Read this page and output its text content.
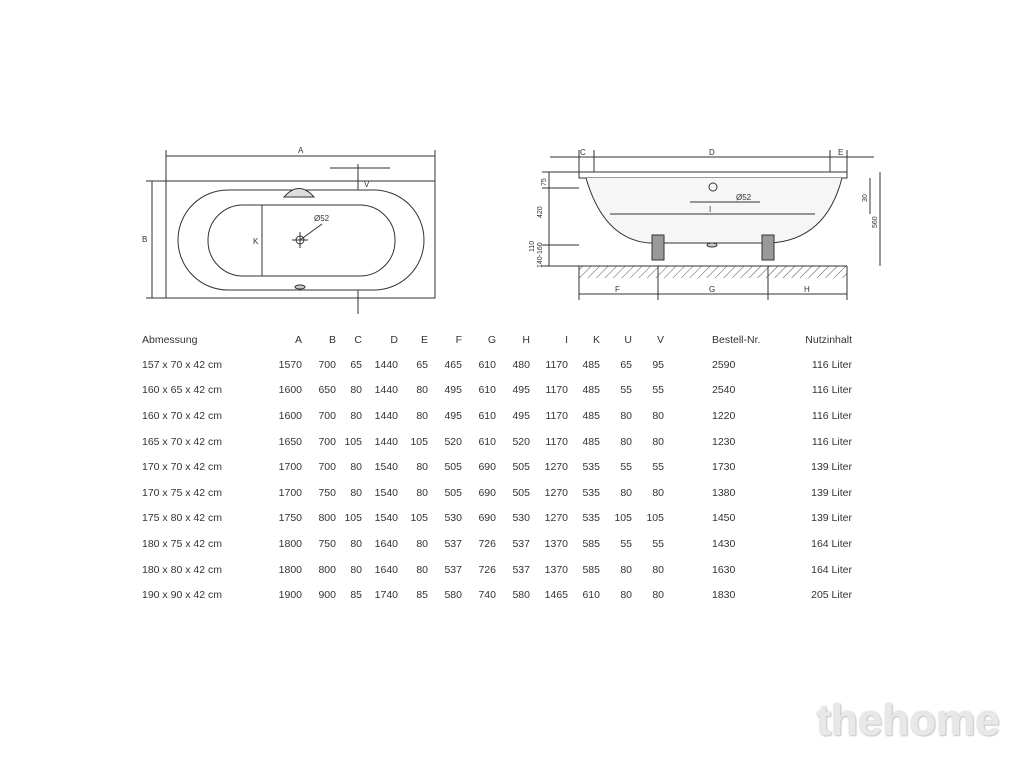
A
B	K
V
Ø52
C	D	E
I
Ø52
F	G	H
75
420
110 140-160
30
560
Abmessung	A	B	C	D	E	F	G	H	I	K	U	V		Bestell-Nr.	Nutzinhalt
157 x 70 x 42 cm	1570	700	65	1440	65	465	610	480	1170	485	65	95		2590	116 Liter
160 x 65 x 42 cm	1600	650	80	1440	80	495	610	495	1170	485	55	55		2540	116 Liter
160 x 70 x 42 cm	1600	700	80	1440	80	495	610	495	1170	485	80	80		1220	116 Liter
165 x 70 x 42 cm	1650	700	105	1440	105	520	610	520	1170	485	80	80		1230	116 Liter
170 x 70 x 42 cm	1700	700	80	1540	80	505	690	505	1270	535	55	55		1730	139 Liter
170 x 75 x 42 cm	1700	750	80	1540	80	505	690	505	1270	535	80	80		1380	139 Liter
175 x 80 x 42 cm	1750	800	105	1540	105	530	690	530	1270	535	105	105		1450	139 Liter
180 x 75 x 42 cm	1800	750	80	1640	80	537	726	537	1370	585	55	55		1430	164 Liter
180 x 80 x 42 cm	1800	800	80	1640	80	537	726	537	1370	585	80	80		1630	164 Liter
190 x 90 x 42 cm	1900	900	85	1740	85	580	740	580	1465	610	80	80		1830	205 Liter
thehome
